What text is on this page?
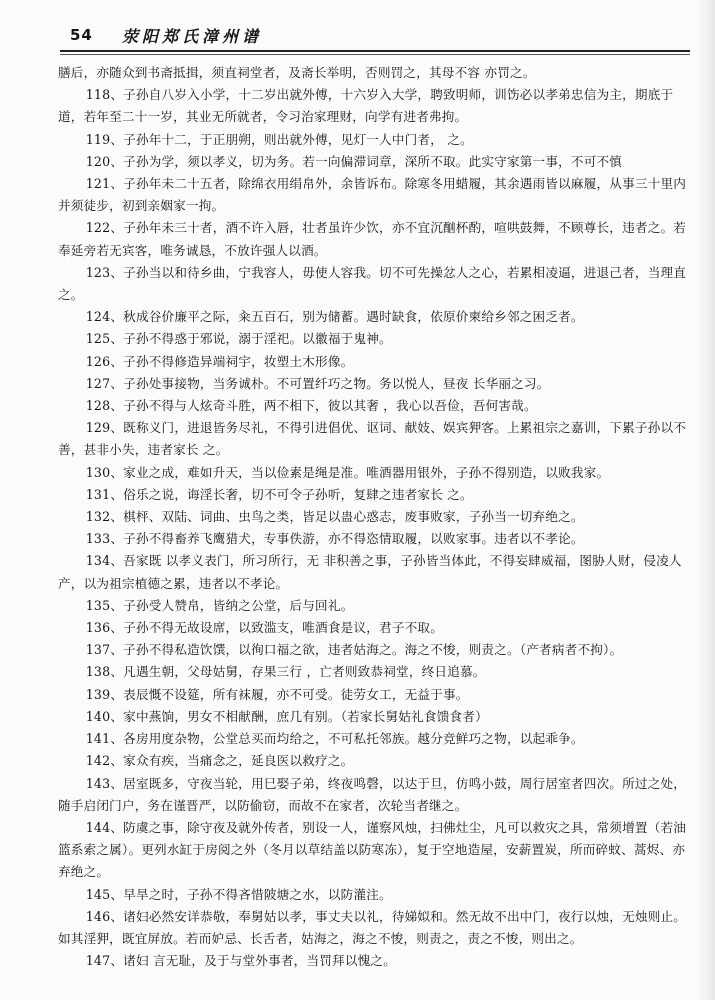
54 荥阳郑氏漳州谱

膳后，亦随众到书斋抵揖，须直祠堂者，及斋长举明，否则罚之，其母不容 亦罚之。

118、子孙自八岁入小学，十二岁出就外傅，十六岁入大学，聘致明师，训饬必以孝弟忠信为主，期底于道，若年至二十一岁，其业无所就者，令习治家理财，向学有进者弗拘。

119、子孙年十二，于正朋朔，则出就外傅，见灯一人中门者， 之。

120、子孙为学，须以孝义，切为务。若一向偏滞词章，深所不取。此实守家第一事，不可不慎

121、子孙年未二十五者，除绵衣用绢帛外，余皆诉布。除寒冬用蜡履，其余遇雨皆以麻履，从事三十里内并须徒步，初到亲姻家一拘。

122、子孙年未三十者，酒不许入唇，壮者虽许少饮，亦不宜沉酗杯酌，喧哄鼓舞，不顾尊长，违者之。若奉延旁若无宾客，唯务诚恳，不放许强人以酒。

123、子孙当以和待乡曲，宁我容人，毋使人容我。切不可先操忿人之心，若累相凌逼，进退己者，当理直之。

124、秋成谷价廉平之际，籴五百石，别为储蓄。遇时缺食，依原价柬给乡邻之困乏者。

125、子孙不得惑于邪说，溺于淫祀。以徽福于鬼神。

126、子孙不得修造异端祠宇，妆塑土木形像。

127、子孙处事接物，当务诚朴。不可置纤巧之物。务以悦人，昼夜 长华丽之习。

128、子孙不得与人炫奇斗胜，两不相下，彼以其奢 ，我心以吾俭，吾何害哉。

129、既称义门，进退皆务尽礼，不得引进倡优、讴词、献妓、娱宾狎客。上累祖宗之嘉训，下累子孙以不善，甚非小失，违者家长 之。

130、家业之成，难如升天，当以俭素是绳是准。唯酒器用银外，子孙不得别造，以败我家。

131、俗乐之说，诲淫长奢，切不可令子孙听，复肆之违者家长 之。

132、棋枰、双陆、词曲、虫鸟之类，皆足以蛊心惑志，废事败家，子孙当一切弃绝之。

133、子孙不得畜养飞鹰猎犬，专事佚游，亦不得恣情取履，以败家事。违者以不孝论。

134、吾家既 以孝义表门，所习所行，无 非积善之事，子孙皆当体此，不得妄肆威福，图胁人财，侵凌人产，以为祖宗植德之累，违者以不孝论。

135、子孙受人赞帛，皆纳之公堂，后与回礼。

136、子孙不得无故设席，以致滥支，唯酒食是议，君子不取。

137、子孙不得私造饮馔，以徇口福之欲，违者姑海之。海之不悛，则责之。（产者病者不拘）。

138、凡遇生朝，父母姑舅，存果三行 ，亡者则致恭祠堂，终日追慕。

139、表辰慨不设筵，所有袜履，亦不可受。徒劳女工，无益于事。

140、家中燕饷，男女不相献酬，庶几有别。（若家长舅姑礼食馈食者）

141、各房用度杂物，公堂总买而均给之，不可私托邻族。越分竞鲜巧之物，以起乖争。

142、家众有疾，当痛念之，延良医以救疗之。

143、居室既多，守夜当轮，用巳娶子弟，终夜鸣磬，以达于旦，仿鸣小鼓，周行居室者四次。所过之处，随手启闭门户，务在谨晋严，以防偷窃，而故不在家者，次轮当者继之。

144、防虞之事，除守夜及就外传者，别设一人，谨察风烛，扫佛灶尘，凡可以救灾之具，常须增置（若油篮系索之属）。更列水缸于房阅之外（冬月以草结盖以防寒冻），复于空地造屋，安薪置炭，所而碎蚊、蒿烬、亦弃绝之。

145、早旱之时，子孙不得吝惜陂塘之水，以防灌注。

146、诸妇必然安详恭敬，奉舅姑以孝，事丈夫以礼，待娣姒和。然无故不出中门，夜行以烛，无烛则止。如其淫狎，既宜屏放。若而妒忌、长舌者，姑海之，海之不悛，则责之，责之不悛，则出之。

147、诸妇 言无耻，及于与堂外事者，当罚拜以愧之。
